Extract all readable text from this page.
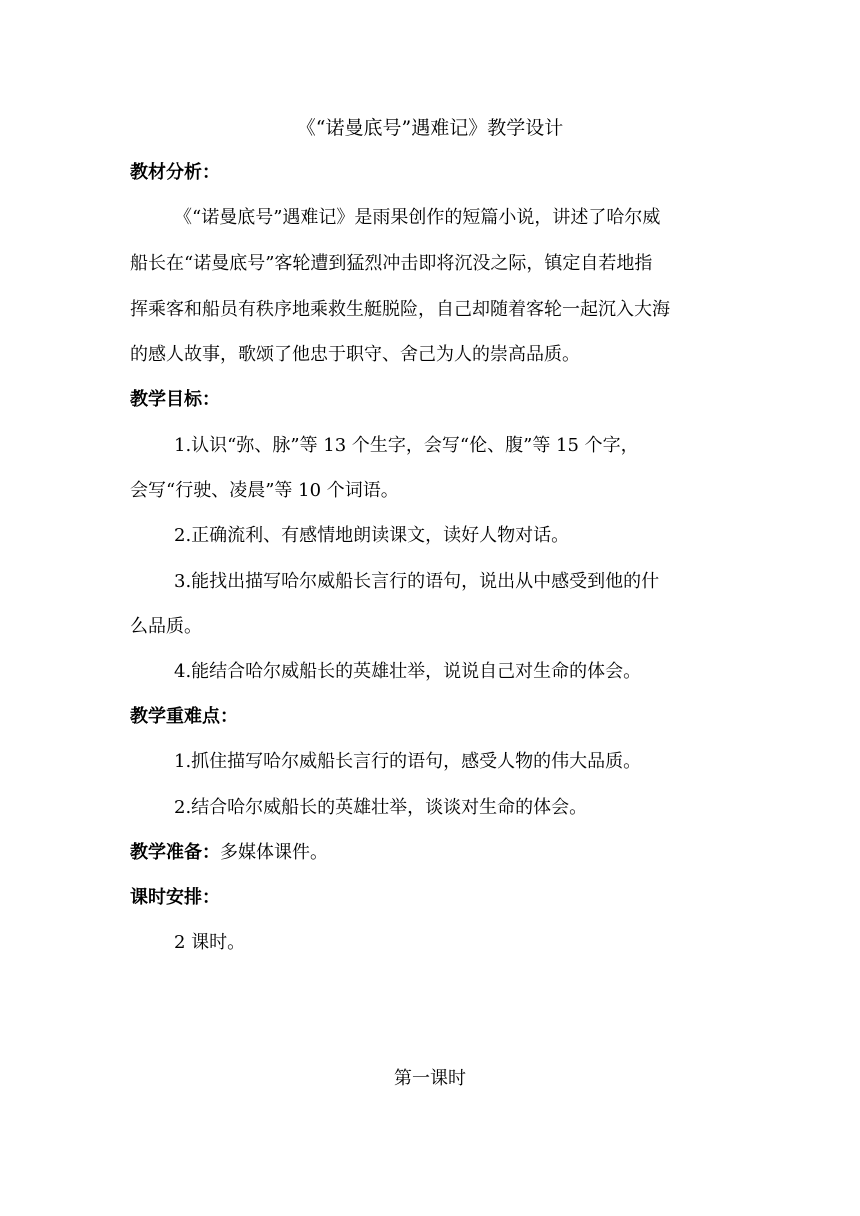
《“诺曼底号”遇难记》教学设计
教材分析：
《“诺曼底号”遇难记》是雨果创作的短篇小说，讲述了哈尔威
船长在“诺曼底号”客轮遭到猛烈冲击即将沉没之际，镇定自若地指
挥乘客和船员有秩序地乘救生艇脱险，自己却随着客轮一起沉入大海
的感人故事，歌颂了他忠于职守、舍己为人的崇高品质。
教学目标：
1.认识“弥、脉”等 13 个生字，会写“伦、腹”等 15 个字，
会写“行驶、凌晨”等 10 个词语。
2.正确流利、有感情地朗读课文，读好人物对话。
3.能找出描写哈尔威船长言行的语句，说出从中感受到他的什
么品质。
4.能结合哈尔威船长的英雄壮举，说说自己对生命的体会。
教学重难点：
1.抓住描写哈尔威船长言行的语句，感受人物的伟大品质。
2.结合哈尔威船长的英雄壮举，谈谈对生命的体会。
教学准备：多媒体课件。
课时安排：
2 课时。
第一课时
